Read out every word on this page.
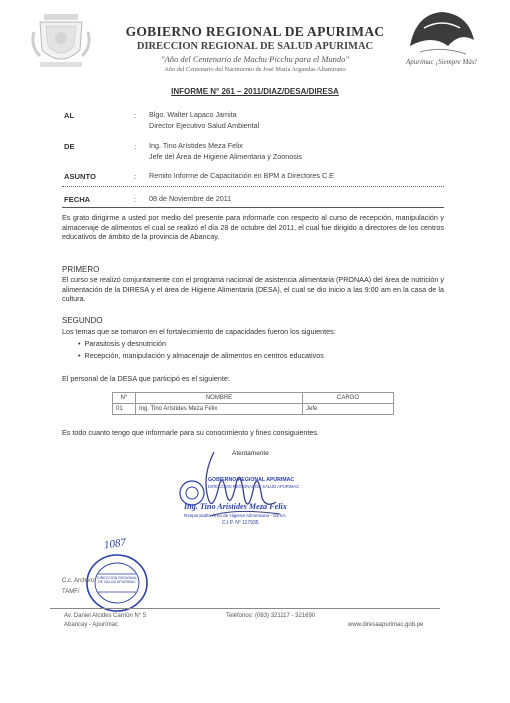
GOBIERNO REGIONAL DE APURIMAC
DIRECCION REGIONAL DE SALUD APURIMAC
"Año del Centenario de Machu Picchu para el Mundo"
Año del Centenario del Nacimiento de José María Arguedas Altamirano
Apurímac ¡Siempre Más!
INFORME N° 261 – 2011/DIAZ/DESA/DIRESA
AL	: Blgo. Walter Lapaco Jamita
Director Ejecutivo Salud Ambiental
DE	: Ing. Tino Arístides Meza Felix
Jefe del Área de Higiene Alimentaria y Zoonosis
ASUNTO	: Remito Informe de Capacitación en BPM a Directores C.E
FECHA	: 08 de Noviembre de 2011
Es grato dirigirme a usted por medio del presente para informarle con respecto al curso de recepción, manipulación y almacenaje de alimentos el cual se realizó el día 28 de octubre del 2011, el cual fue dirigido a directores de los centros educativos de ámbito de la provincia de Abancay.
PRIMERO
El curso se realizó conjuntamente con el programa nacional de asistencia alimentaria (PRONAA) del área de nutrición y alimentación de la DIRESA y el área de Higiene Alimentaria (DESA), el cual se dio inicio a las 9:00 am en la casa de la cultura.
SEGUNDO
Los temas que se tomaron en el fortalecimiento de capacidades fueron los siguientes:
•  Parasitosis y desnutrición
•  Recepción, manipulación y almacenaje de alimentos en centros educativos
El personal de la DESA que participó es el siguiente:
N°	NOMBRE	CARGO
01	Ing. Tino Arístides Meza Félix	Jefe
Es todo cuanto tengo que informarle para su conocimiento y fines consiguientes.
Atentamente
GOBIERNO REGIONAL APURIMAC
DIRECCION REGIONAL DE SALUD APURIMAC
Ing. Tino Arístides Meza Felix
Responsable Área de Higiene Alimentaria - DESA
C.I.P. N° 117935
1087
DIRECCIÓN REGIONAL DE SALUD APURIMAC
C.c. Archivo
TAMF/
Av. Daniel Alcides Carrión N° 5
Abancay - Apurímac
Teléfonos: (083) 321117 - 321690
www.diresaapurimac.gob.pe
